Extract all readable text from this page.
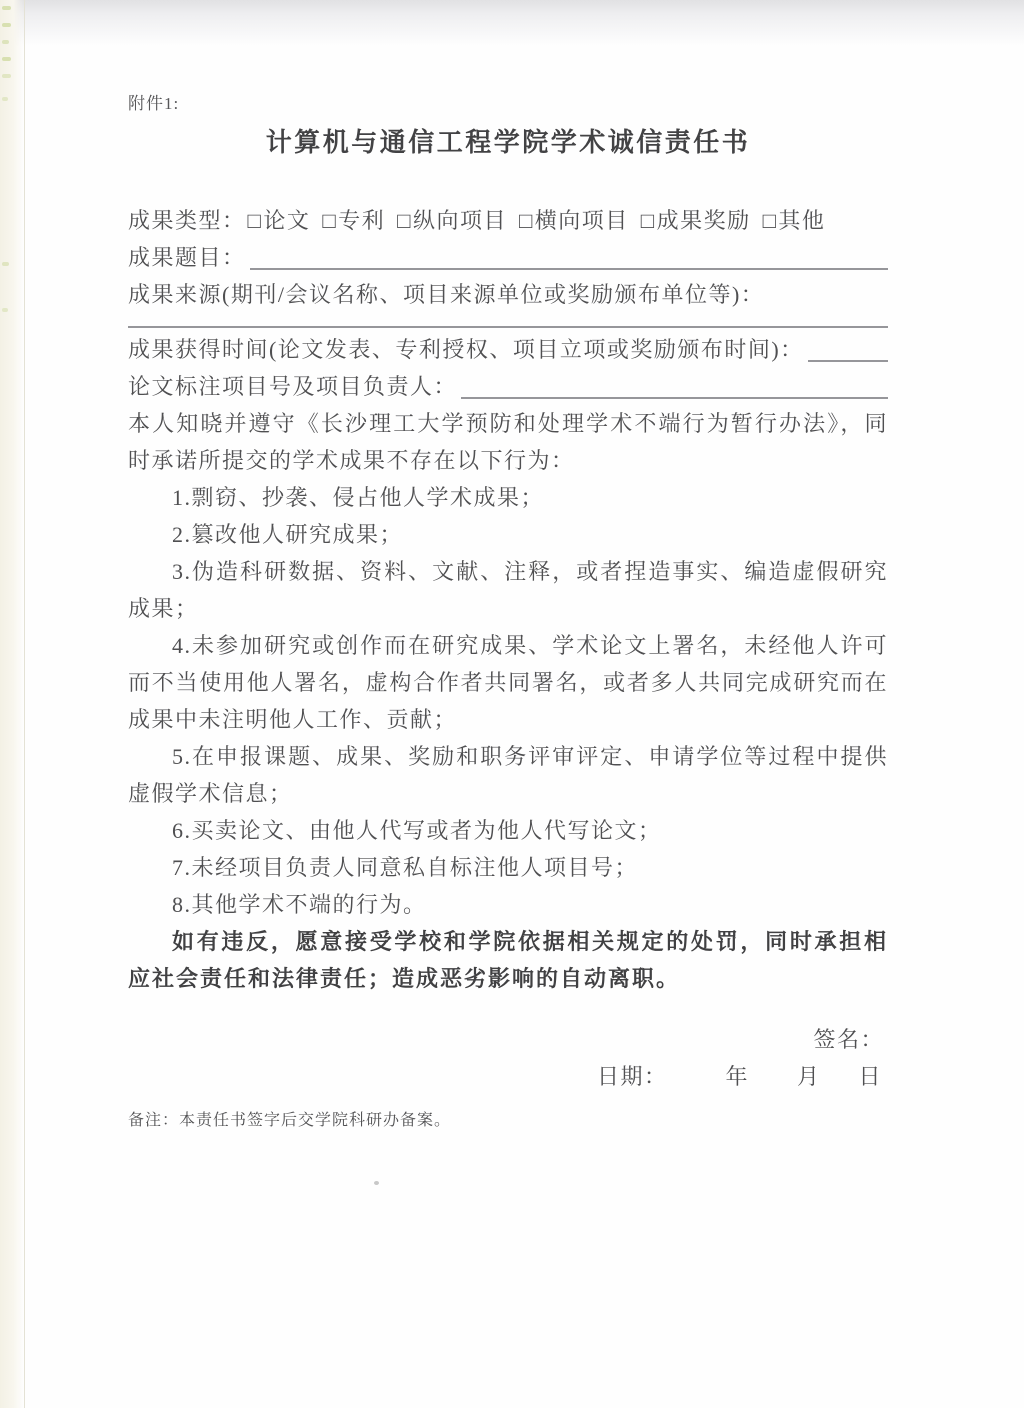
附件1:
计算机与通信工程学院学术诚信责任书
成果类型： □ 论文 □ 专利 □ 纵向项目 □ 横向项目 □ 成果奖励 □ 其他
成果题目：
成果来源(期刊/会议名称、项目来源单位或奖励颁布单位等)：
成果获得时间(论文发表、专利授权、项目立项或奖励颁布时间)：
论文标注项目号及项目负责人：

本人知晓并遵守《长沙理工大学预防和处理学术不端行为暂行办法》，同时承诺所提交的学术成果不存在以下行为：

1.剽窃、抄袭、侵占他人学术成果；

2.篡改他人研究成果；

3.伪造科研数据、资料、文献、注释，或者捏造事实、编造虚假研究成果；

4.未参加研究或创作而在研究成果、学术论文上署名，未经他人许可而不当使用他人署名，虚构合作者共同署名，或者多人共同完成研究而在成果中未注明他人工作、贡献；

5.在申报课题、成果、奖励和职务评审评定、申请学位等过程中提供虚假学术信息；

6.买卖论文、由他人代写或者为他人代写论文；

7.未经项目负责人同意私自标注他人项目号；

8.其他学术不端的行为。

如有违反，愿意接受学校和学院依据相关规定的处罚，同时承担相应社会责任和法律责任；造成恶劣影响的自动离职。

签名：
日期：	年 月 日

备注：本责任书签字后交学院科研办备案。
